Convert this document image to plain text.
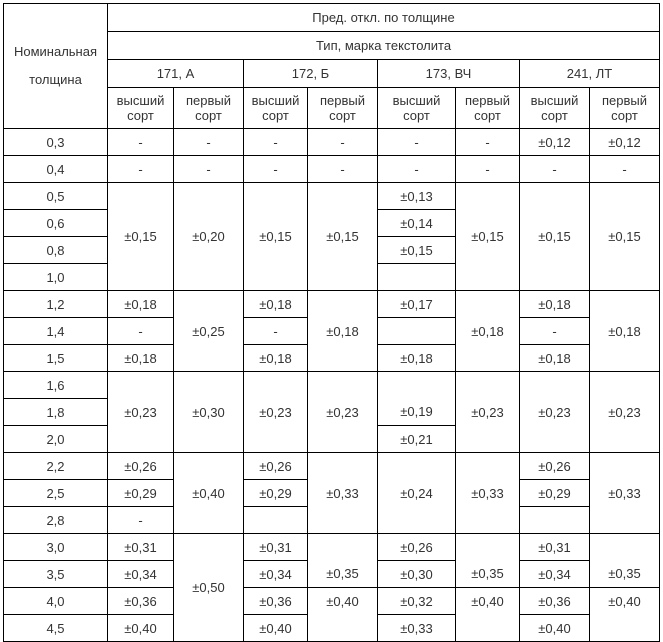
Номинальная толщина	Пред. откл. по толщине							
	Тип, марка текстолита							
	171, А		172, Б		173, ВЧ		241, ЛТ	
	высший сорт	первый сорт	высший сорт	первый сорт	высший сорт	первый сорт	высший сорт	первый сорт
0,3	-	-	-	-	-	-	±0,12	±0,12
0,4	-	-	-	-	-	-	-	-
0,5	±0,15	±0,20	±0,15	±0,15	±0,13	±0,15	±0,15	±0,15
0,6					±0,14			
0,8					±0,15			
1,0								
1,2	±0,18	±0,25	±0,18	±0,18	±0,17	±0,18	±0,18	±0,18
1,4	-		-				-	
1,5	±0,18		±0,18		±0,18		±0,18	
1,6	±0,23	±0,30	±0,23	±0,23	±0,19	±0,23	±0,23	±0,23
1,8								
2,0					±0,21			
2,2	±0,26	±0,40	±0,26	±0,33	±0,24	±0,33	±0,26	±0,33
2,5	±0,29		±0,29				±0,29	
2,8	-							
3,0	±0,31	±0,50	±0,31	±0,35	±0,26	±0,35	±0,31	±0,35
3,5	±0,34		±0,34		±0,30		±0,34	
4,0	±0,36		±0,36	±0,40	±0,32	±0,40	±0,36	±0,40
4,5	±0,40		±0,40		±0,33		±0,40	
